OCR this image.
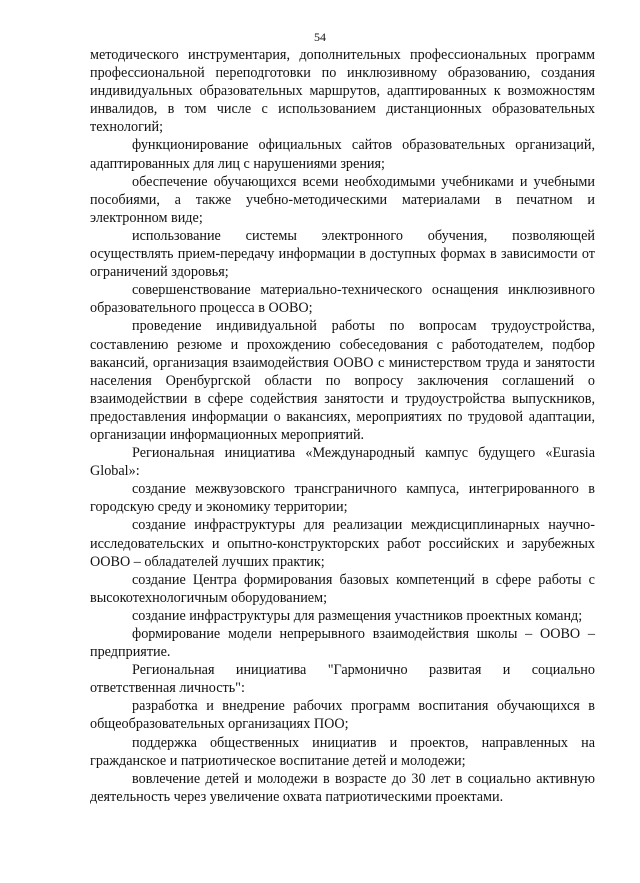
54

методического инструментария, дополнительных профессиональных программ профессиональной переподготовки по инклюзивному образованию, создания индивидуальных образовательных маршрутов, адаптированных к возможностям инвалидов, в том числе с использованием дистанционных образовательных технологий;

функционирование официальных сайтов образовательных организаций, адаптированных для лиц с нарушениями зрения;

обеспечение обучающихся всеми необходимыми учебниками и учебными пособиями, а также учебно-методическими материалами в печатном и электронном виде;

использование системы электронного обучения, позволяющей осуществлять прием-передачу информации в доступных формах в зависимости от ограничений здоровья;

совершенствование материально-технического оснащения инклюзивного образовательного процесса в ООВО;

проведение индивидуальной работы по вопросам трудоустройства, составлению резюме и прохождению собеседования с работодателем, подбор вакансий, организация взаимодействия ООВО с министерством труда и занятости населения Оренбургской области по вопросу заключения соглашений о взаимодействии в сфере содействия занятости и трудоустройства выпускников, предоставления информации о вакансиях, мероприятиях по трудовой адаптации, организации информационных мероприятий.

Региональная инициатива «Международный кампус будущего «Eurasia Global»:

создание межвузовского трансграничного кампуса, интегрированного в городскую среду и экономику территории;

создание инфраструктуры для реализации междисциплинарных научно-исследовательских и опытно-конструкторских работ российских и зарубежных ООВО – обладателей лучших практик;

создание Центра формирования базовых компетенций в сфере работы с высокотехнологичным оборудованием;

создание инфраструктуры для размещения участников проектных команд;

формирование модели непрерывного взаимодействия школы – ООВО – предприятие.

Региональная инициатива "Гармонично развитая и социально ответственная личность":

разработка и внедрение рабочих программ воспитания обучающихся в общеобразовательных организациях ПОО;

поддержка общественных инициатив и проектов, направленных на гражданское и патриотическое воспитание детей и молодежи;

вовлечение детей и молодежи в возрасте до 30 лет в социально активную деятельность через увеличение охвата патриотическими проектами.
